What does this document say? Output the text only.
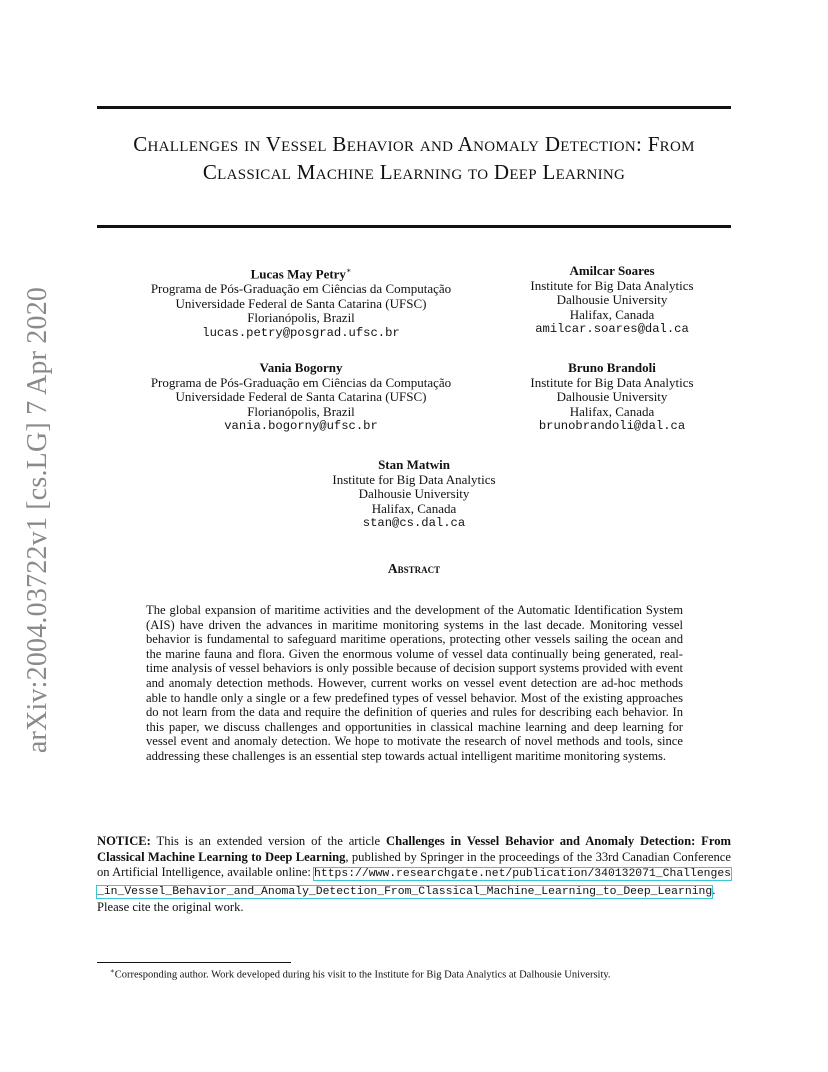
arXiv:2004.03722v1 [cs.LG] 7 Apr 2020
Challenges in Vessel Behavior and Anomaly Detection: From Classical Machine Learning to Deep Learning
Lucas May Petry∗
Programa de Pós-Graduação em Ciências da Computação
Universidade Federal de Santa Catarina (UFSC)
Florianópolis, Brazil
lucas.petry@posgrad.ufsc.br
Amilcar Soares
Institute for Big Data Analytics
Dalhousie University
Halifax, Canada
amilcar.soares@dal.ca
Vania Bogorny
Programa de Pós-Graduação em Ciências da Computação
Universidade Federal de Santa Catarina (UFSC)
Florianópolis, Brazil
vania.bogorny@ufsc.br
Bruno Brandoli
Institute for Big Data Analytics
Dalhousie University
Halifax, Canada
brunobrandoli@dal.ca
Stan Matwin
Institute for Big Data Analytics
Dalhousie University
Halifax, Canada
stan@cs.dal.ca
Abstract

The global expansion of maritime activities and the development of the Automatic Identification System (AIS) have driven the advances in maritime monitoring systems in the last decade. Monitoring vessel behavior is fundamental to safeguard maritime operations, protecting other vessels sailing the ocean and the marine fauna and flora. Given the enormous volume of vessel data continually being generated, real-time analysis of vessel behaviors is only possible because of decision support systems provided with event and anomaly detection methods. However, current works on vessel event detection are ad-hoc methods able to handle only a single or a few predefined types of vessel behavior. Most of the existing approaches do not learn from the data and require the definition of queries and rules for describing each behavior. In this paper, we discuss challenges and opportunities in classical machine learning and deep learning for vessel event and anomaly detection. We hope to motivate the research of novel methods and tools, since addressing these challenges is an essential step towards actual intelligent maritime monitoring systems.

NOTICE: This is an extended version of the article Challenges in Vessel Behavior and Anomaly Detection: From Classical Machine Learning to Deep Learning, published by Springer in the proceedings of the 33rd Canadian Conference on Artificial Intelligence, available online: https://www.researchgate.net/publication/340132071_Challenges_in_Vessel_Behavior_and_Anomaly_Detection_From_Classical_Machine_Learning_to_Deep_Learning. Please cite the original work.

∗Corresponding author. Work developed during his visit to the Institute for Big Data Analytics at Dalhousie University.
